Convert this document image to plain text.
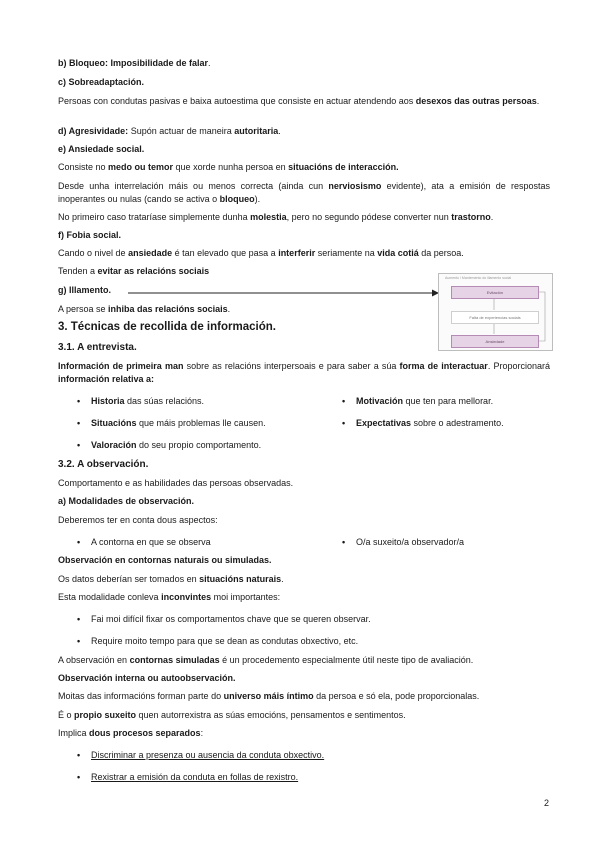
b) Bloqueo: Imposibilidade de falar.
c) Sobreadaptación.
Persoas con condutas pasivas e baixa autoestima que consiste en actuar atendendo aos desexos das outras persoas.
d) Agresividade: Supón actuar de maneira autoritaria.
e) Ansiedade social.
Consiste no medo ou temor que xorde nunha persoa en situacións de interacción.
Desde unha interrelación máis ou menos correcta (ainda cun nerviosismo evidente), ata a emisión de respostas inoperantes ou nulas (cando se activa o bloqueo).
No primeiro caso trataríase simplemente dunha molestia, pero no segundo pódese converter nun trastorno.
f) Fobia social.
Cando o nivel de ansiedade é tan elevado que pasa a interferir seriamente na vida cotiá da persoa.
Tenden a evitar as relacións sociais
g) Illamento.
A persoa se inhiba das relacións sociais.
Aumento / Mantemento do illamento social
Evitación
Falta de experiencias sociais
Ansiedade
3. Técnicas de recollida de información.
3.1. A entrevista.
Información de primeira man sobre as relacións interpersoais e para saber a súa forma de interactuar. Proporcionará información relativa a:
• Historia das súas relacións.	• Motivación que ten para mellorar.
• Situacións que máis problemas lle causen.	• Expectativas sobre o adestramento.
• Valoración do seu propio comportamento.
3.2. A observación.
Comportamento e as habilidades das persoas observadas.
a) Modalidades de observación.
Deberemos ter en conta dous aspectos:
• A contorna en que se observa	• O/a suxeito/a observador/a
Observación en contornas naturais ou simuladas.
Os datos deberían ser tomados en situacións naturais.
Esta modalidade conleva inconvintes moi importantes:
• Fai moi difícil fixar os comportamentos chave que se queren observar.
• Require moito tempo para que se dean as condutas obxectivo, etc.
A observación en contornas simuladas é un procedemento especialmente útil neste tipo de avaliación.
Observación interna ou autoobservación.
Moitas das informacións forman parte do universo máis íntimo da persoa e só ela, pode proporcionalas.
É o propio suxeito quen autorrexistra as súas emocións, pensamentos e sentimentos.
Implica dous procesos separados:
• Discriminar a presenza ou ausencia da conduta obxectivo.
• Rexistrar a emisión da conduta en follas de rexistro.
2
